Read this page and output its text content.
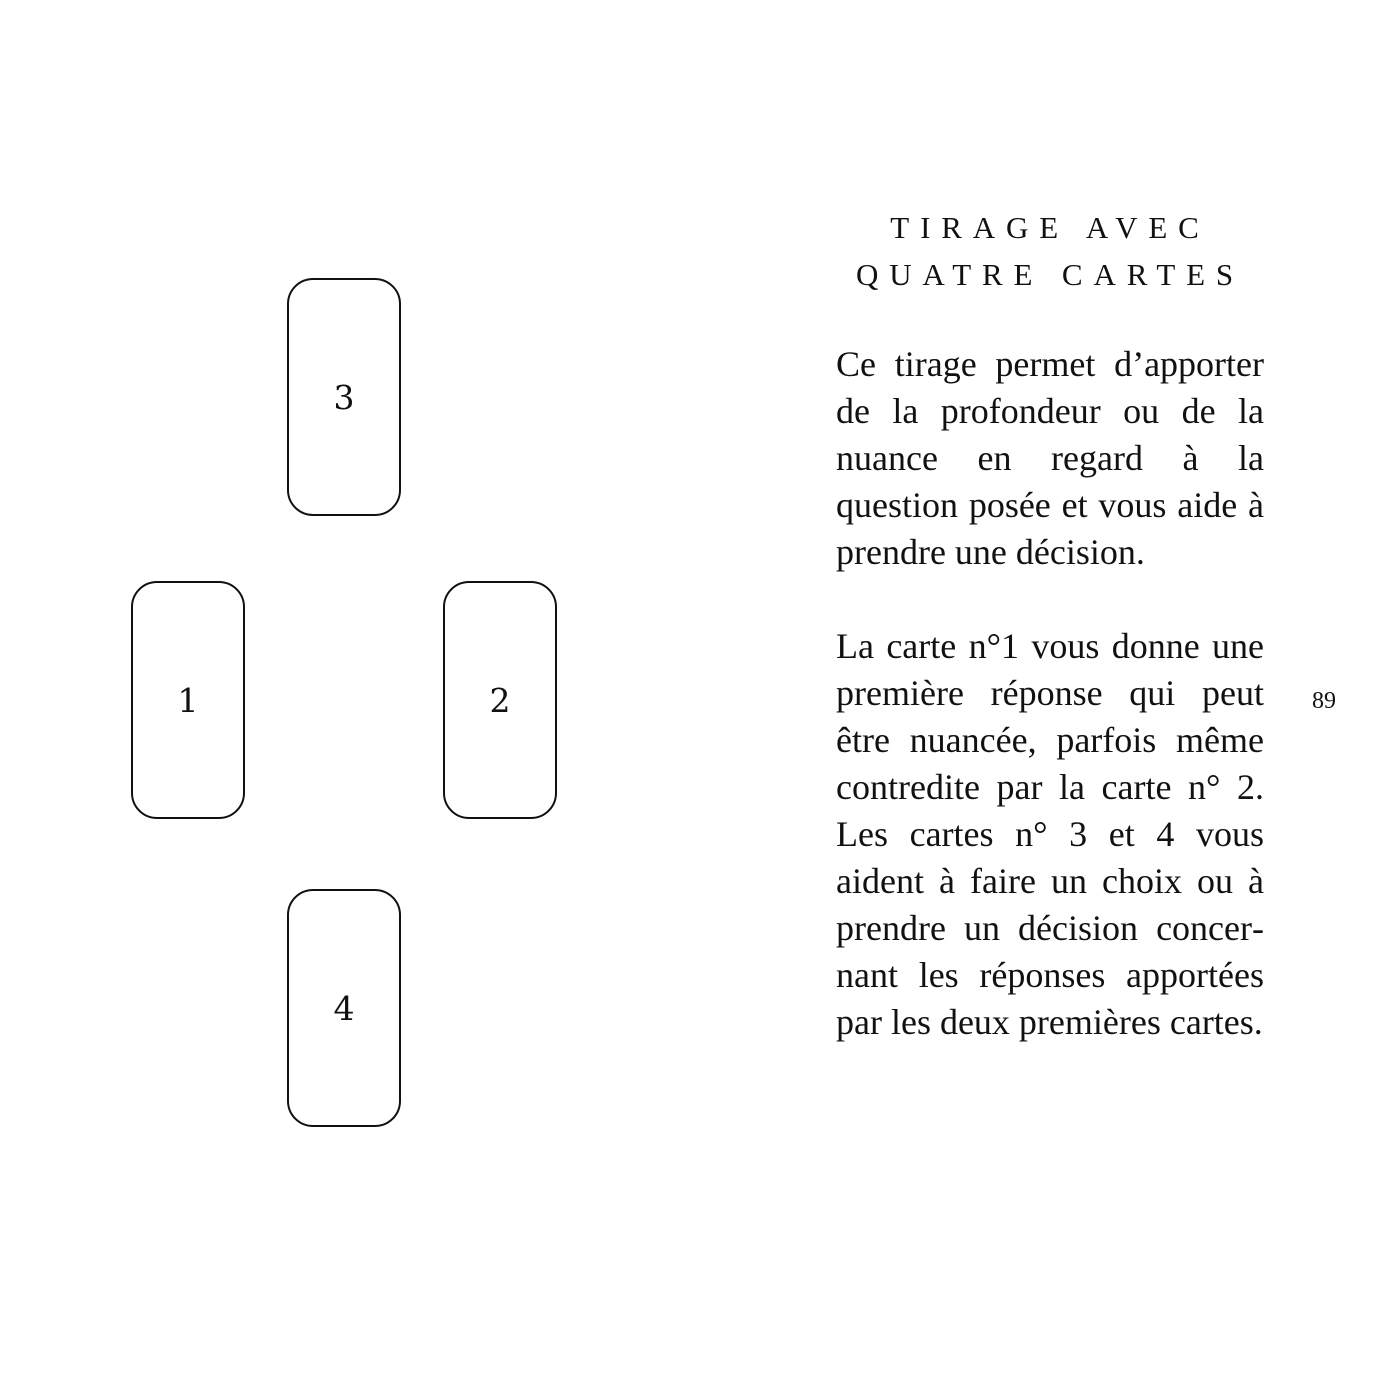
3
1	2
4
TIRAGE AVEC
QUATRE CARTES

Ce tirage permet d’apporter de la profondeur ou de la nuance en regard à la question posée et vous aide à prendre une décision.

La carte n°1 vous donne une première réponse qui peut être nuancée, parfois même contredite par la carte n° 2. Les cartes n° 3 et 4 vous aident à faire un choix ou à prendre un décision concernant les réponses apportées par les deux premières cartes.

89
